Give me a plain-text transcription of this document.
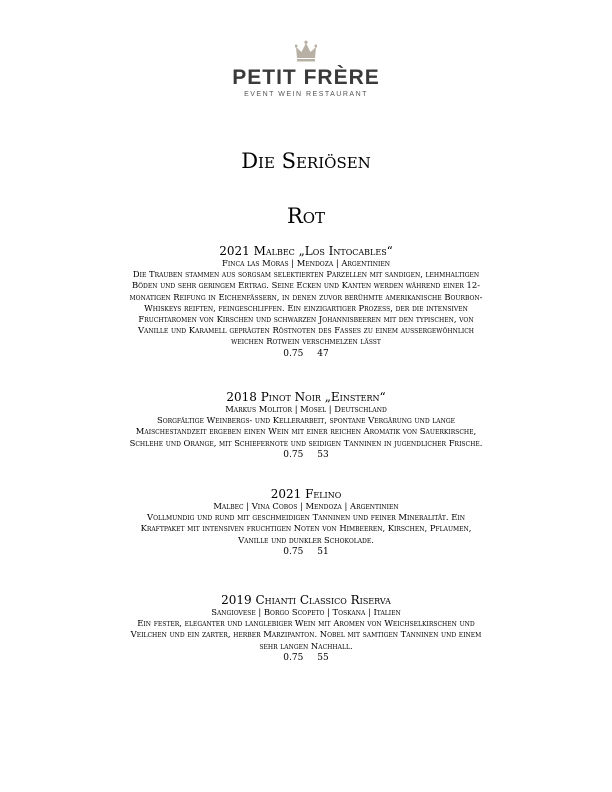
PETIT FRÈRE
EVENT WEIN RESTAURANT
Die Seriösen
Rot
2021 Malbec „Los Intocables“
Finca las Moras | Mendoza | Argentinien
Die Trauben stammen aus sorgsam selektierten Parzellen mit sandigen, lehmhaltigen Böden und sehr geringem Ertrag. Seine Ecken und Kanten werden während einer 12-monatigen Reifung in Eichenfässern, in denen zuvor berühmte amerikanische Bourbon-Whiskeys reiften, feingeschliffen. Ein einzigartiger Prozess, der die intensiven Fruchtaromen von Kirschen und schwarzen Johannisbeeren mit den typischen, von Vanille und Karamell geprägten Röstnoten des Fasses zu einem außergewöhnlich weichen Rotwein verschmelzen lässt
0.75 47
2018 Pinot Noir „Einstern“
Markus Molitor | Mosel | Deutschland
Sorgfältige Weinbergs- und Kellerarbeit, spontane Vergärung und lange Maischestandzeit ergeben einen Wein mit einer reichen Aromatik von Sauerkirsche, Schlehe und Orange, mit Schiefernote und seidigen Tanninen in jugendlicher Frische.
0.75 53
2021 Felino
Malbec | Vina Cobos | Mendoza | Argentinien
Vollmundig und rund mit geschmeidigen Tanninen und feiner Mineralität. Ein Kraftpaket mit intensiven fruchtigen Noten von Himbeeren, Kirschen, Pflaumen, Vanille und dunkler Schokolade.
0.75 51
2019 Chianti Classico Riserva
Sangiovese | Borgo Scopeto | Toskana | Italien
Ein fester, eleganter und langlebiger Wein mit Aromen von Weichselkirschen und Veilchen und ein zarter, herber Marzipanton. Nobel mit samtigen Tanninen und einem sehr langen Nachhall.
0.75 55
